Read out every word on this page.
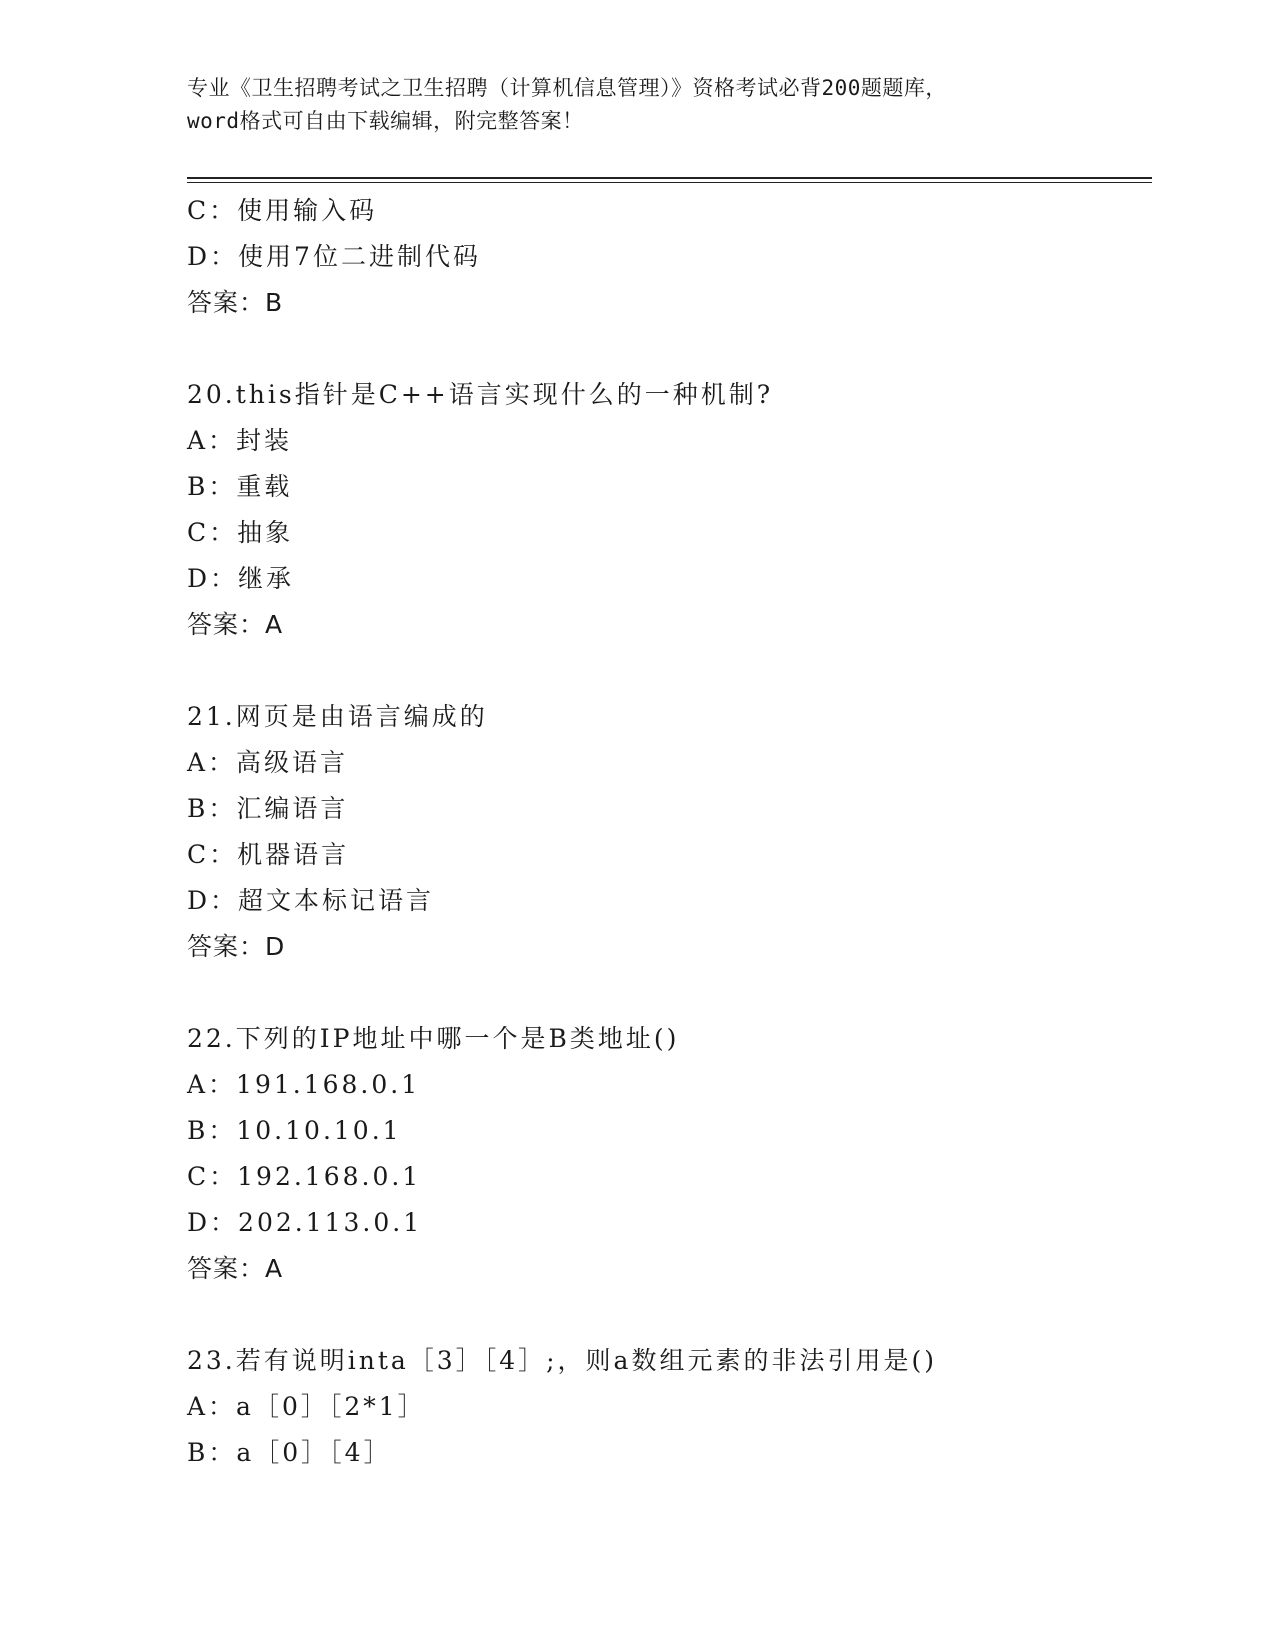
专业《卫生招聘考试之卫生招聘（计算机信息管理）》资格考试必背200题题库，
word格式可自由下载编辑，附完整答案！
C：使用输入码
D：使用7位二进制代码
答案：B
20.this指针是C++语言实现什么的一种机制?
A：封装
B：重载
C：抽象
D：继承
答案：A
21.网页是由语言编成的
A：高级语言
B：汇编语言
C：机器语言
D：超文本标记语言
答案：D
22.下列的IP地址中哪一个是B类地址()
A：191.168.0.1
B：10.10.10.1
C：192.168.0.1
D：202.113.0.1
答案：A
23.若有说明inta［3］［4］;，则a数组元素的非法引用是()
A：a［0］［2*1］
B：a［0］［4］
